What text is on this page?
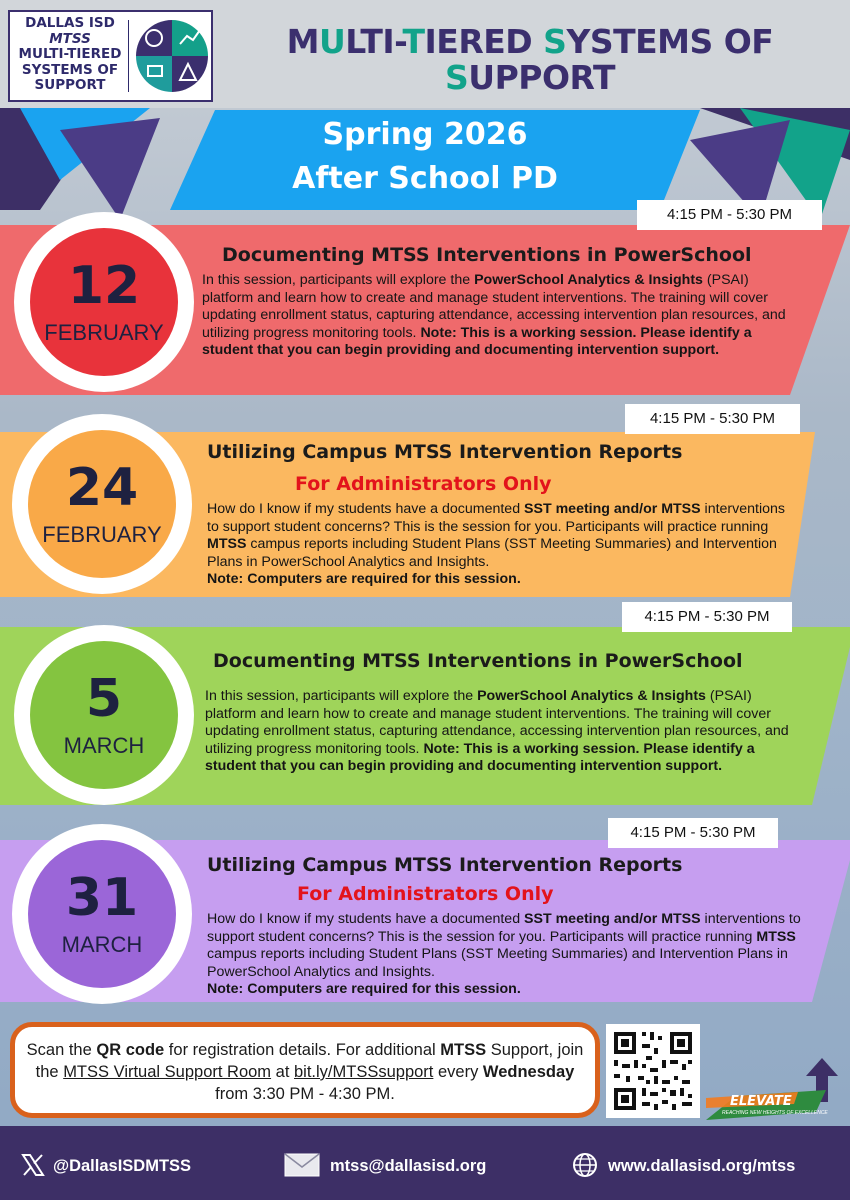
DALLAS ISD
MTSS
MULTI-TIERED
SYSTEMS OF
SUPPORT
MULTI-TIERED SYSTEMS OF
SUPPORT
Spring 2026
After School PD
4:15 PM - 5:30 PM
12
FEBRUARY
Documenting MTSS Interventions in PowerSchool
In this session, participants will explore the PowerSchool Analytics & Insights (PSAI) platform and learn how to create and manage student interventions. The training will cover updating enrollment status, capturing attendance, accessing intervention plan resources, and utilizing progress monitoring tools. Note: This is a working session. Please identify a student that you can begin providing and documenting intervention support.
4:15 PM - 5:30 PM
24
FEBRUARY
Utilizing Campus MTSS Intervention Reports
For Administrators Only
How do I know if my students have a documented SST meeting and/or MTSS interventions to support student concerns? This is the session for you. Participants will practice running MTSS campus reports including Student Plans (SST Meeting Summaries) and Intervention Plans in PowerSchool Analytics and Insights.
Note: Computers are required for this session.
4:15 PM - 5:30 PM
5
MARCH
Documenting MTSS Interventions in PowerSchool
In this session, participants will explore the PowerSchool Analytics & Insights (PSAI) platform and learn how to create and manage student interventions. The training will cover updating enrollment status, capturing attendance, accessing intervention plan resources, and utilizing progress monitoring tools. Note: This is a working session. Please identify a student that you can begin providing and documenting intervention support.
4:15 PM - 5:30 PM
31
MARCH
Utilizing Campus MTSS Intervention Reports
For Administrators Only
How do I know if my students have a documented SST meeting and/or MTSS interventions to support student concerns? This is the session for you. Participants will practice running MTSS campus reports including Student Plans (SST Meeting Summaries) and Intervention Plans in PowerSchool Analytics and Insights.
Note: Computers are required for this session.
Scan the QR code for registration details. For additional MTSS Support, join the MTSS Virtual Support Room at bit.ly/MTSSsupport every Wednesday from 3:30 PM - 4:30 PM.	ELEVATE
REACHING NEW HEIGHTS OF EXCELLENCE
@DallasISDMTSS	mtss@dallasisd.org	www.dallasisd.org/mtss
